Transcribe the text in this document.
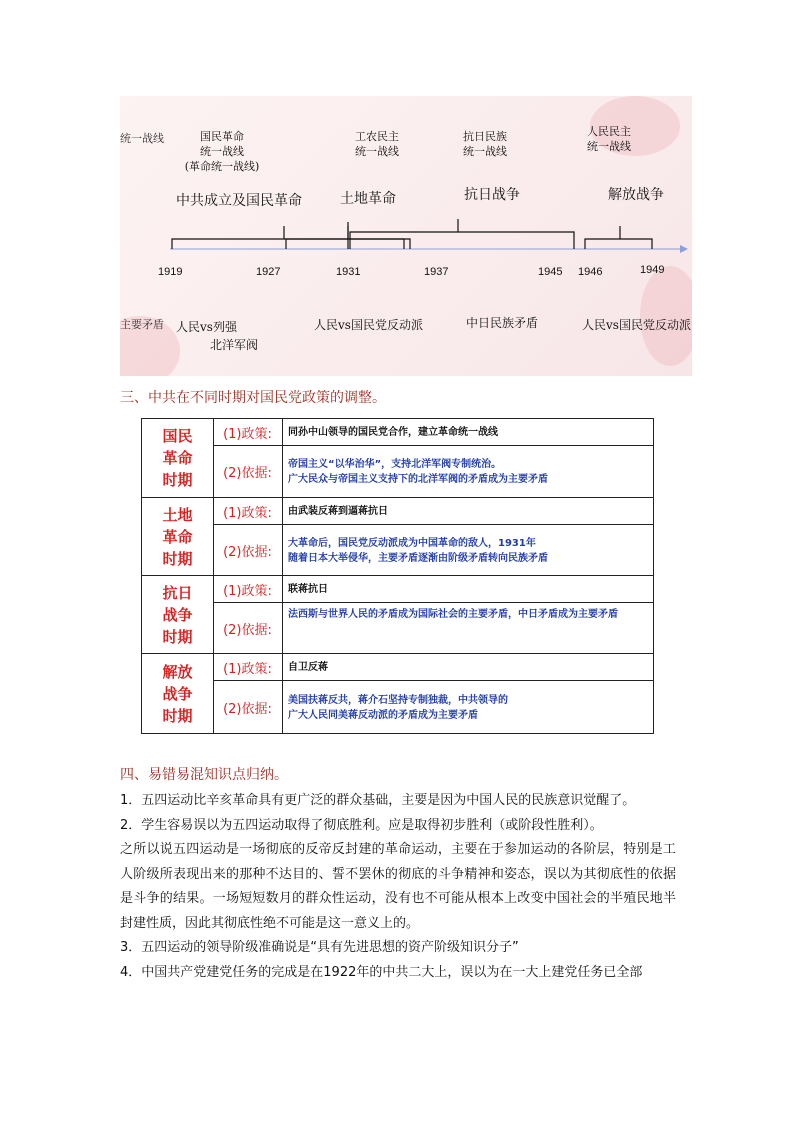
统一战线
主要矛盾
国民革命
统一战线
(革命统一战线)
工农民主
统一战线
抗日民族
统一战线
人民民主
统一战线
中共成立及国民革命	土地革命	抗日战争	解放战争
1919	1927	1931	1937	1945 1946	1949
人民vs列强
北洋军阀
人民vs国民党反动派	中日民族矛盾	人民vs国民党反动派
三、中共在不同时期对国民党政策的调整。
国民革命时期
(1)政策:	同孙中山领导的国民党合作，建立革命统一战线
(2)依据:
帝国主义“以华治华”，支持北洋军阀专制统治。
广大民众与帝国主义支持下的北洋军阀的矛盾成为主要矛盾
土地革命时期
(1)政策:	由武装反蒋到逼蒋抗日
(2)依据:
大革命后，国民党反动派成为中国革命的敌人，1931年
随着日本大举侵华，主要矛盾逐渐由阶级矛盾转向民族矛盾
抗日战争时期
(1)政策:	联蒋抗日
(2)依据:
法西斯与世界人民的矛盾成为国际社会的主要矛盾，中日矛盾成为主要矛盾
解放战争时期
(1)政策:	自卫反蒋
(2)依据:
美国扶蒋反共，蒋介石坚持专制独裁，中共领导的
广大人民同美蒋反动派的矛盾成为主要矛盾
四、易错易混知识点归纳。

1．五四运动比辛亥革命具有更广泛的群众基础，主要是因为中国人民的民族意识觉醒了。

2．学生容易误以为五四运动取得了彻底胜利。应是取得初步胜利（或阶段性胜利）。

之所以说五四运动是一场彻底的反帝反封建的革命运动，主要在于参加运动的各阶层，特别是工人阶级所表现出来的那种不达目的、誓不罢休的彻底的斗争精神和姿态，误以为其彻底性的依据是斗争的结果。一场短短数月的群众性运动，没有也不可能从根本上改变中国社会的半殖民地半封建性质，因此其彻底性绝不可能是这一意义上的。

3．五四运动的领导阶级准确说是“具有先进思想的资产阶级知识分子”

4．中国共产党建党任务的完成是在1922年的中共二大上，误以为在一大上建党任务已全部
